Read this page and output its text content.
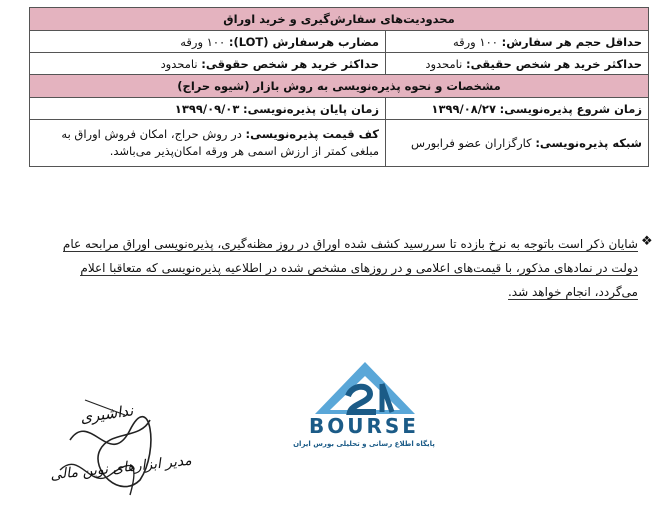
محدودیت‌های سفارش‌گیری و خرید اوراق	
حداقل حجم هر سفارش: ۱۰۰ ورقه	مضارب هرسفارش (LOT): ۱۰۰ ورقه
حداکثر خرید هر شخص حقیقی: نامحدود	حداکثر خرید هر شخص حقوقی: نامحدود
مشخصات و نحوه پذیره‌نویسی به روش بازار (شیوه حراج)	
زمان شروع پذیره‌نویسی: ۱۳۹۹/۰۸/۲۷	زمان پایان پذیره‌نویسی: ۱۳۹۹/۰۹/۰۳
شبکه پذیره‌نویسی: کارگزاران عضو فرابورس	کف قیمت پذیره‌نویسی: در روش حراج، امکان فروش اوراق به مبلغی کمتر از ارزش اسمی هر ورقه امکان‌پذیر می‌باشد.
❖
شایان ذکر است باتوجه به نرخ بازده تا سررسید کشف شده اوراق در روز مظنه‌گیری، پذیره‌نویسی اوراق مرابحه عام
دولت در نمادهای مذکور، با قیمت‌های اعلامی و در روزهای مشخص شده در اطلاعیه پذیره‌نویسی که متعاقبا اعلام
می‌گردد، انجام خواهد شد.
BOURSE
پایگاه اطلاع رسانی و تحلیلی بورس ایران
نداشیری
مدیر ابزارهای نوین مالی
